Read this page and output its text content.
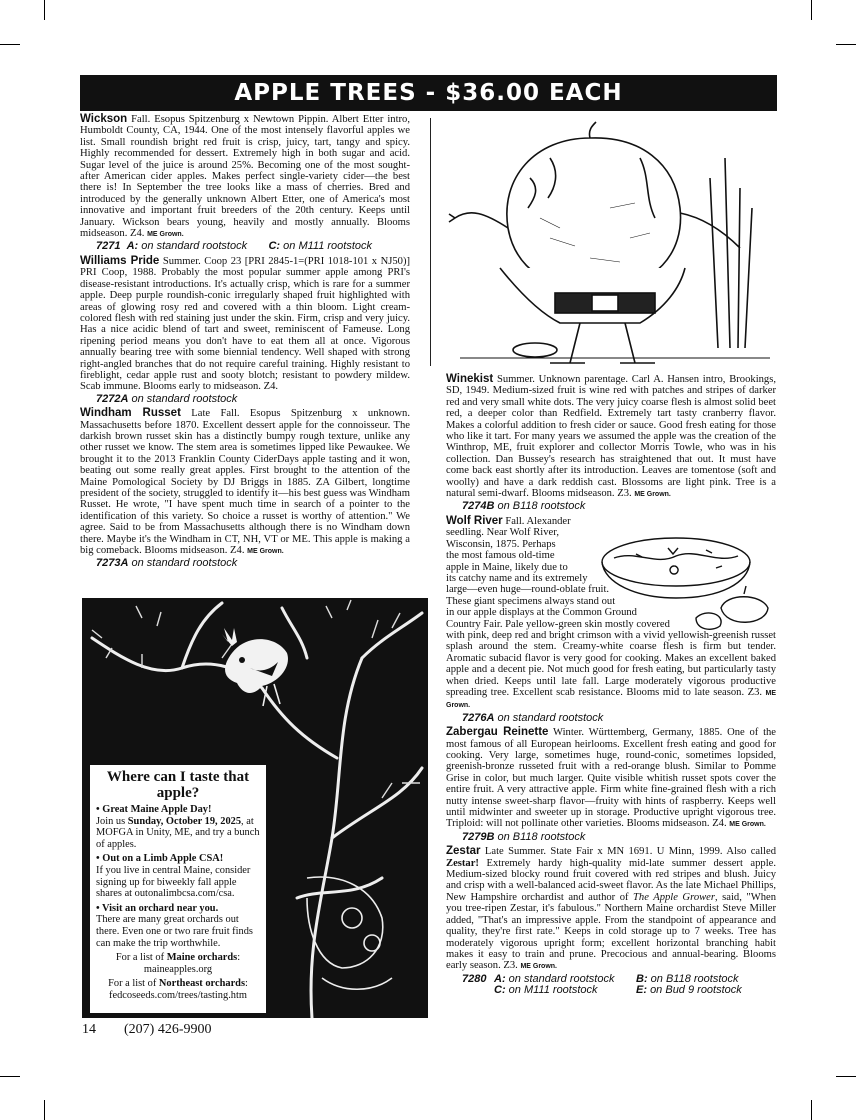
APPLE TREES - $36.00 EACH

Wickson Fall. Esopus Spitzenburg x Newtown Pippin. Albert Etter intro, Humboldt County, CA, 1944. One of the most intensely flavorful apples we list. Small roundish bright red fruit is crisp, juicy, tart, tangy and spicy. Highly recommended for dessert. Extremely high in both sugar and acid. Sugar level of the juice is around 25%. Becoming one of the most sought-after American cider apples. Makes perfect single-variety cider—the best there is! In September the tree looks like a mass of cherries. Bred and introduced by the generally unknown Albert Etter, one of America's most innovative and important fruit breeders of the 20th century. Keeps until January. Wickson bears young, heavily and mostly annually. Blooms midseason. Z4. ME Grown.

7271 A: on standard rootstock C: on M111 rootstock

Williams Pride Summer. Coop 23 [PRI 2845-1=(PRI 1018-101 x NJ50)] PRI Coop, 1988. Probably the most popular summer apple among PRI's disease-resistant introductions. It's actually crisp, which is rare for a summer apple. Deep purple roundish-conic irregularly shaped fruit highlighted with areas of glowing rosy red and covered with a thin bloom. Light cream-colored flesh with red staining just under the skin. Firm, crisp and very juicy. Has a nice acidic blend of tart and sweet, reminiscent of Fameuse. Long ripening period means you don't have to eat them all at once. Vigorous annually bearing tree with some biennial tendency. Well shaped with strong right-angled branches that do not require careful training. Highly resistant to fireblight, cedar apple rust and sooty blotch; resistant to powdery mildew. Scab immune. Blooms early to midseason. Z4.

7272A on standard rootstock

Windham Russet Late Fall. Esopus Spitzenburg x unknown. Massachusetts before 1870. Excellent dessert apple for the connoisseur. The darkish brown russet skin has a distinctly bumpy rough texture, unlike any other russet we know. The stem area is sometimes lipped like Pewaukee. We brought it to the 2013 Franklin County CiderDays apple tasting and it won, beating out some really great apples. First brought to the attention of the Maine Pomological Society by DJ Briggs in 1885. ZA Gilbert, longtime president of the society, struggled to identify it—his best guess was Windham Russet. He wrote, "I have spent much time in search of a pointer to the identification of this variety. So choice a russet is worthy of attention." We agree. Said to be from Massachusetts although there is no Windham down there. Maybe it's the Windham in CT, NH, VT or ME. This apple is making a big comeback. Blooms midseason. Z4. ME Grown.

7273A on standard rootstock

Winekist Summer. Unknown parentage. Carl A. Hansen intro, Brookings, SD, 1949. Medium-sized fruit is wine red with patches and stripes of darker red and very small white dots. The very juicy coarse flesh is almost solid beet red, a deeper color than Redfield. Extremely tart tasty cranberry flavor. Makes a colorful addition to fresh cider or sauce. Good fresh eating for those who like it tart. For many years we assumed the apple was the creation of the Winthrop, ME, fruit explorer and collector Morris Towle, who was in his collection. Dan Bussey's research has straightened that out. It must have come back east shortly after its introduction. Leaves are tomentose (soft and woolly) and have a dark reddish cast. Blossoms are light pink. Tree is a natural semi-dwarf. Blooms midseason. Z3. ME Grown.

7274B on B118 rootstock
Wolf River Fall. Alexander
seedling. Near Wolf River,
Wisconsin, 1875. Perhaps
the most famous old-time
apple in Maine, likely due to
its catchy name and its extremely
large—even huge—round-oblate fruit.
These giant specimens always stand out
in our apple displays at the Common Ground
Country Fair. Pale yellow-green skin mostly covered

with pink, deep red and bright crimson with a vivid yellowish-greenish russet splash around the stem. Creamy-white coarse flesh is firm but tender. Aromatic subacid flavor is very good for cooking. Makes an excellent baked apple and a decent pie. Not much good for fresh eating, but particularly tasty when dried. Keeps until late fall. Large moderately vigorous productive spreading tree. Excellent scab resistance. Blooms mid to late season. Z3. ME Grown.

7276A on standard rootstock

Zabergau Reinette Winter. Württemberg, Germany, 1885. One of the most famous of all European heirlooms. Excellent fresh eating and good for cooking. Very large, sometimes huge, round-conic, sometimes lopsided, greenish-bronze russeted fruit with a red-orange blush. Similar to Pomme Grise in color, but much larger. Quite visible whitish russet spots cover the entire fruit. A very attractive apple. Firm white fine-grained flesh with a rich nutty intense sweet-sharp flavor—fruity with hints of raspberry. Keeps well until midwinter and sweeter up in storage. Productive upright vigorous tree. Triploid: will not pollinate other varieties. Blooms midseason. Z4. ME Grown.

7279B on B118 rootstock

Zestar Late Summer. State Fair x MN 1691. U Minn, 1999. Also called Zestar! Extremely hardy high-quality mid-late summer dessert apple. Medium-sized blocky round fruit covered with red stripes and blush. Juicy and crisp with a well-balanced acid-sweet flavor. As the late Michael Phillips, New Hampshire orchardist and author of The Apple Grower, said, "When you tree-ripen Zestar, it's fabulous." Northern Maine orchardist Steve Miller added, "That's an impressive apple. From the standpoint of appearance and quality, they're first rate." Keeps in cold storage up to 7 weeks. Tree has moderately vigorous upright form; excellent horizontal branching habit makes it easy to train and prune. Precocious and annual-bearing. Blooms early season. Z3. ME Grown.

7280 A: on standard rootstock	B: on B118 rootstock
C: on M111 rootstock	E: on Bud 9 rootstock
Where can I taste that apple?

• Great Maine Apple Day!
Join us Sunday, October 19, 2025, at MOFGA in Unity, ME, and try a bunch of apples.

• Out on a Limb Apple CSA!
If you live in central Maine, consider signing up for biweekly fall apple shares at outonalimbcsa.com/csa.

• Visit an orchard near you.
There are many great orchards out there. Even one or two rare fruit finds can make the trip worthwhile.

For a list of Maine orchards:
maineapples.org

For a list of Northeast orchards:
fedcoseeds.com/trees/tasting.htm

14 (207) 426-9900
